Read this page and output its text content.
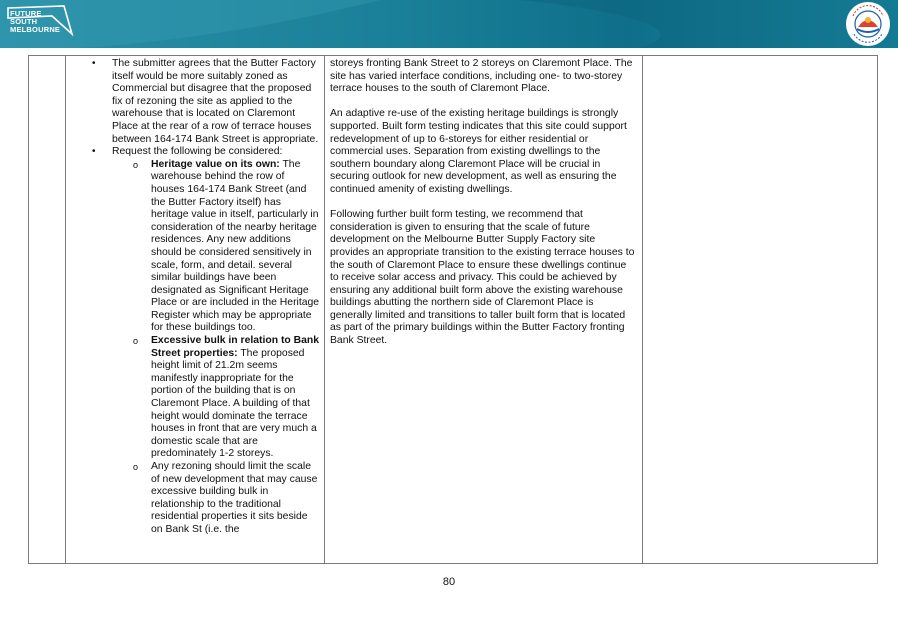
FUTURE
SOUTH
MELBOURNE

• The submitter agrees that the Butter Factory itself would be more suitably zoned as Commercial but disagree that the proposed fix of rezoning the site as applied to the warehouse that is located on Claremont Place at the rear of a row of terrace houses between 164-174 Bank Street is appropriate.
• Request the following be considered:
o Heritage value on its own: The warehouse behind the row of houses 164-174 Bank Street (and the Butter Factory itself) has heritage value in itself, particularly in consideration of the nearby heritage residences. Any new additions should be considered sensitively in scale, form, and detail. several similar buildings have been designated as Significant Heritage Place or are included in the Heritage Register which may be appropriate for these buildings too.
o Excessive bulk in relation to Bank Street properties: The proposed height limit of 21.2m seems manifestly inappropriate for the portion of the building that is on Claremont Place. A building of that height would dominate the terrace houses in front that are very much a domestic scale that are predominately 1-2 storeys.
o Any rezoning should limit the scale of new development that may cause excessive building bulk in relationship to the traditional residential properties it sits beside on Bank St (i.e. the

storeys fronting Bank Street to 2 storeys on Claremont Place. The site has varied interface conditions, including one- to two-storey terrace houses to the south of Claremont Place.

An adaptive re-use of the existing heritage buildings is strongly supported. Built form testing indicates that this site could support redevelopment of up to 6-storeys for either residential or commercial uses. Separation from existing dwellings to the southern boundary along Claremont Place will be crucial in securing outlook for new development, as well as ensuring the continued amenity of existing dwellings.

Following further built form testing, we recommend that consideration is given to ensuring that the scale of future development on the Melbourne Butter Supply Factory site provides an appropriate transition to the existing terrace houses to the south of Claremont Place to ensure these dwellings continue to receive solar access and privacy. This could be achieved by ensuring any additional built form above the existing warehouse buildings abutting the northern side of Claremont Place is generally limited and transitions to taller built form that is located as part of the primary buildings within the Butter Factory fronting Bank Street.

80
